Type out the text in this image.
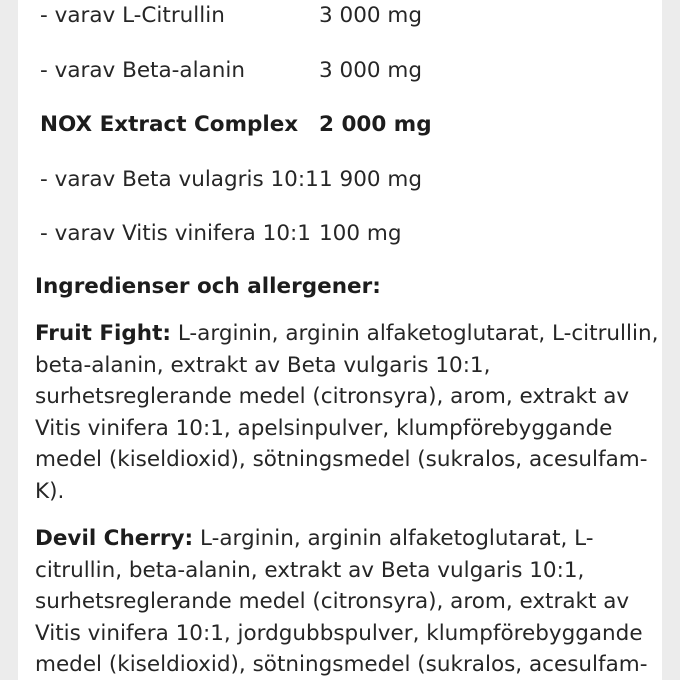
- varav L-Citrullin	3 000 mg
- varav Beta-alanin	3 000 mg
NOX Extract Complex 2 000 mg
- varav Beta vulagris 10:1 1 900 mg
- varav Vitis vinifera 10:1 100 mg
Ingredienser och allergener:

Fruit Fight: L-arginin, arginin alfaketoglutarat, L-citrullin,
beta-alanin, extrakt av Beta vulgaris 10:1,
surhetsreglerande medel (citronsyra), arom, extrakt av
Vitis vinifera 10:1, apelsinpulver, klumpförebyggande
medel (kiseldioxid), sötningsmedel (sukralos, acesulfam-
K).

Devil Cherry: L-arginin, arginin alfaketoglutarat, L-
citrullin, beta-alanin, extrakt av Beta vulgaris 10:1,
surhetsreglerande medel (citronsyra), arom, extrakt av
Vitis vinifera 10:1, jordgubbspulver, klumpförebyggande
medel (kiseldioxid), sötningsmedel (sukralos, acesulfam-
